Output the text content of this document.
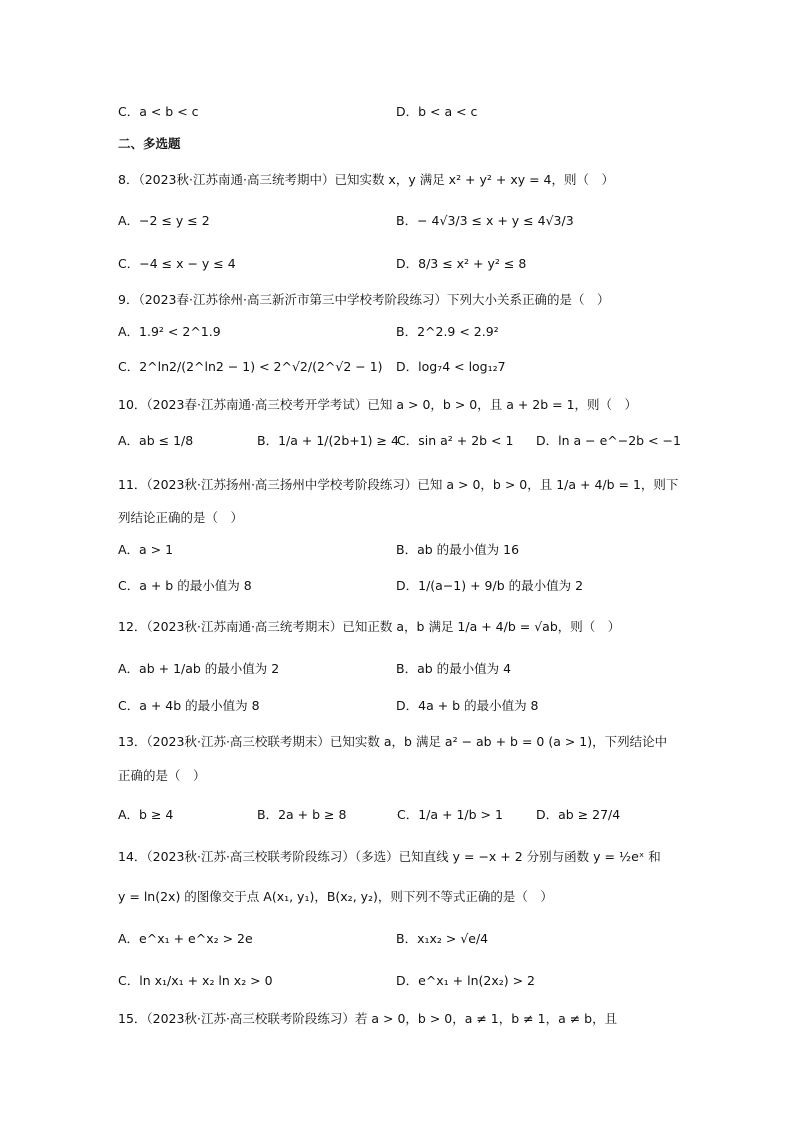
C．a < b < c	D．b < a < c
二、多选题
8．（2023秋·江苏南通·高三统考期中）已知实数 x，y 满足 x² + y² + xy = 4，则（　）
A．−2 ≤ y ≤ 2	B．− 4√3/3 ≤ x + y ≤ 4√3/3
C．−4 ≤ x − y ≤ 4	D．8/3 ≤ x² + y² ≤ 8
9．（2023春·江苏徐州·高三新沂市第三中学校考阶段练习）下列大小关系正确的是（　）
A．1.9² < 2^1.9	B．2^2.9 < 2.9²
C．2^ln2/(2^ln2 − 1) < 2^√2/(2^√2 − 1) D．log₇4 < log₁₂7
10．（2023春·江苏南通·高三校考开学考试）已知 a > 0，b > 0，且 a + 2b = 1，则（　）
A．ab ≤ 1/8	B．1/a + 1/(2b+1) ≥ 4
C．sin a² + 2b < 1 D．ln a − e^−2b < −1
11．（2023秋·江苏扬州·高三扬州中学校考阶段练习）已知 a > 0，b > 0，且 1/a + 4/b = 1，则下
列结论正确的是（　）
A．a > 1	B．ab 的最小值为 16
C．a + b 的最小值为 8	D．1/(a−1) + 9/b 的最小值为 2
12．（2023秋·江苏南通·高三统考期末）已知正数 a，b 满足 1/a + 4/b = √ab，则（　）
A．ab + 1/ab 的最小值为 2	B．ab 的最小值为 4
C．a + 4b 的最小值为 8	D．4a + b 的最小值为 8
13．（2023秋·江苏·高三校联考期末）已知实数 a，b 满足 a² − ab + b = 0 (a > 1)，下列结论中
正确的是（　）
A．b ≥ 4	B．2a + b ≥ 8	C．1/a + 1/b > 1	D．ab ≥ 27/4
14．（2023秋·江苏·高三校联考阶段练习）（多选）已知直线 y = −x + 2 分别与函数 y = ½eˣ 和
y = ln(2x) 的图像交于点 A(x₁, y₁)，B(x₂, y₂)，则下列不等式正确的是（　）
A．e^x₁ + e^x₂ > 2e	B．x₁x₂ > √e/4
C．ln x₁/x₁ + x₂ ln x₂ > 0	D．e^x₁ + ln(2x₂) > 2
15．（2023秋·江苏·高三校联考阶段练习）若 a > 0，b > 0，a ≠ 1，b ≠ 1，a ≠ b，且
